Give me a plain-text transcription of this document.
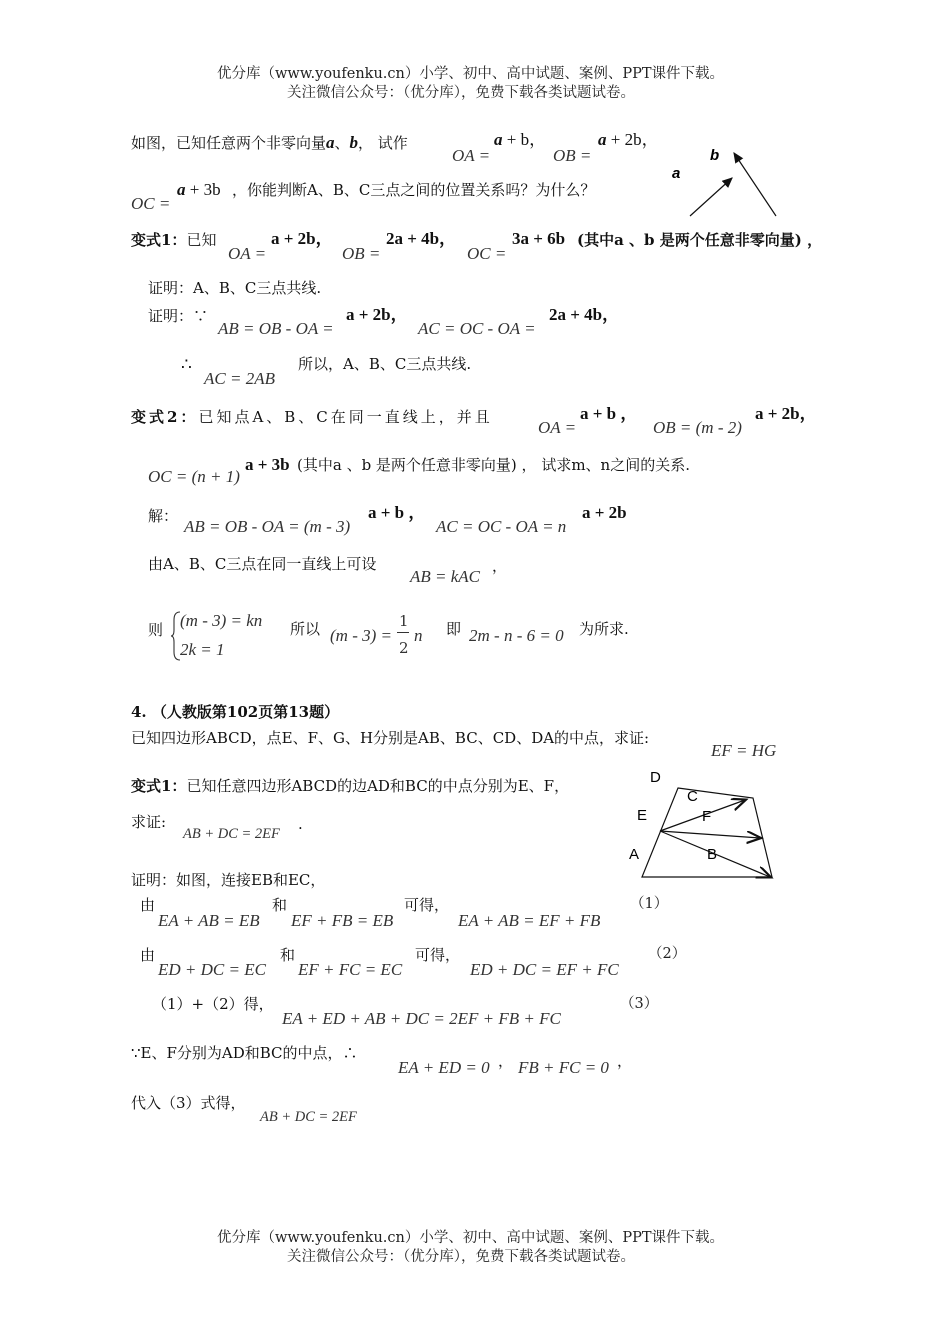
优分库（www.youfenku.cn）小学、初中、高中试题、案例、PPT课件下载。
关注微信公众号：（优分库），免费下载各类试题试卷。
如图，已知任意两个非零向量a、b， 试作
OA =
a + b，
OB =
a + 2b，
OC =
a + 3b ，你能判断A、B、C三点之间的位置关系吗？为什么？
a
b
变式1：已知
OA =
a + 2b，
OB =
2a + 4b，
OC =
3a + 6b (其中a 、b 是两个任意非零向量) ，
证明：A、B、C三点共线.
证明：∵
AB = OB - OA =
a + 2b，
AC = OC - OA =
2a + 4b，
∴
AC = 2AB
所以，A、B、C三点共线.
变式2：已知点A、B、C在同一直线上，并且
OA =
a + b ，
OB = (m - 2)
a + 2b，
OC = (n + 1)
a + 3b (其中a 、b 是两个任意非零向量) ， 试求m、n之间的关系.
解：
AB = OB - OA = (m - 3)
a + b ，
AC = OC - OA = n
a + 2b
由A、B、C三点在同一直线上可设
AB = kAC
，
则 (m - 3) = kn
2k = 1
所以 (m - 3) =
1
2
n 即 2m - n - 6 = 0 为所求.
4. （人教版第102页第13题）
已知四边形ABCD，点E、F、G、H分别是AB、BC、CD、DA的中点，求证:
EF = HG
变式1：已知任意四边形ABCD的边AD和BC的中点分别为E、F，
求证:
AB + DC = 2EF
.
D
C
E	F
A	B
证明：如图，连接EB和EC，
由
EA + AB = EB
和
EF + FB = EB
可得，
EA + AB = EF + FB
（1）
由
ED + DC = EC
和
EF + FC = EC
可得，
ED + DC = EF + FC
（2）
（1）+（2）得，
EA + ED + AB + DC = 2EF + FB + FC
（3）
∵E、F分别为AD和BC的中点，∴
EA + ED = 0 ， FB + FC = 0 ，
代入（3）式得，
AB + DC = 2EF
优分库（www.youfenku.cn）小学、初中、高中试题、案例、PPT课件下载。
关注微信公众号：（优分库），免费下载各类试题试卷。
